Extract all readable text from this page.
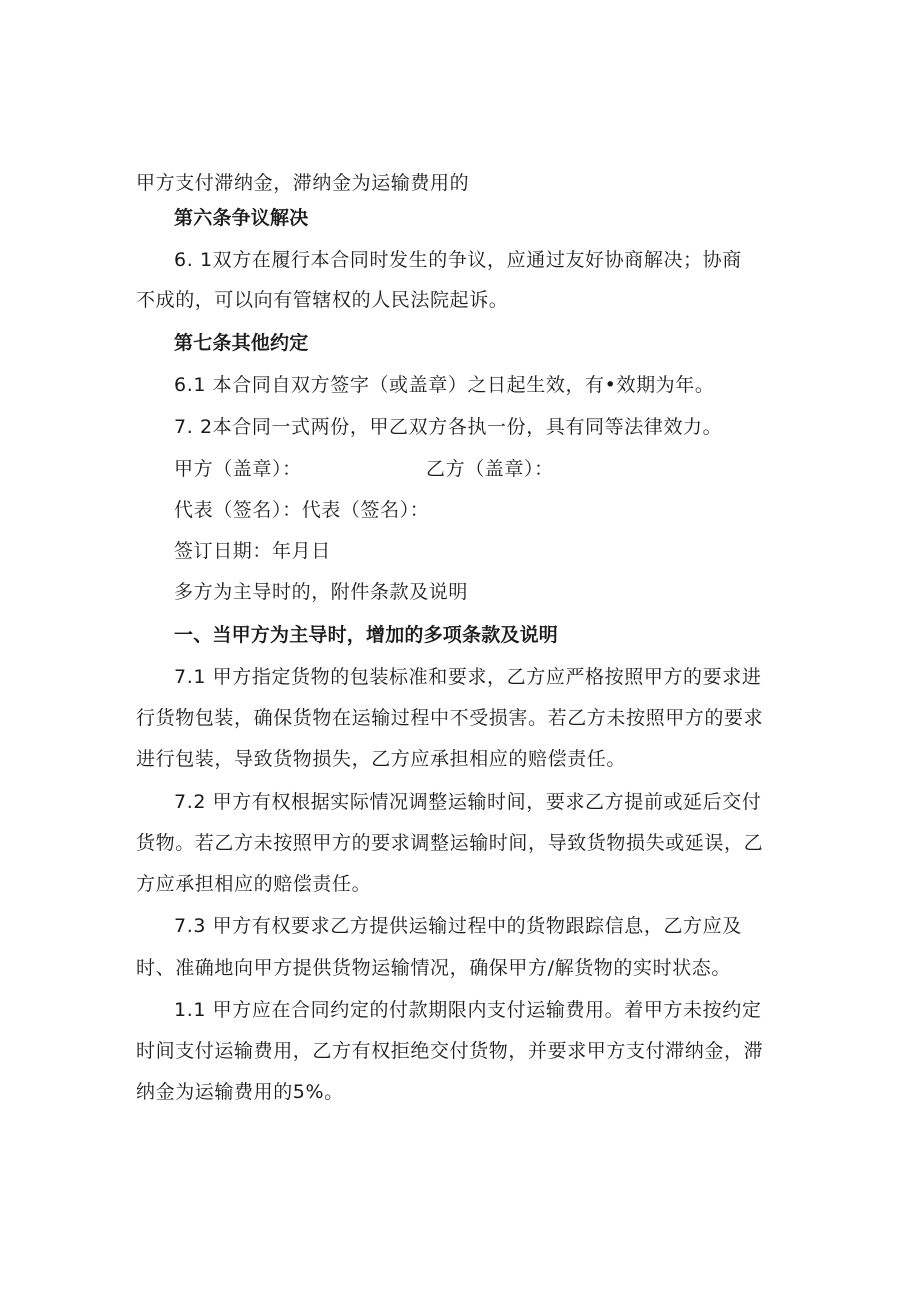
甲方支付滞纳金，滞纳金为运输费用的

第六条争议解决

6. 1双方在履行本合同时发生的争议，应通过友好协商解决；协商

不成的，可以向有管辖权的人民法院起诉。

第七条其他约定

6.1 本合同自双方签字（或盖章）之日起生效，有•效期为年。

7. 2本合同一式两份，甲乙双方各执一份，具有同等法律效力。

甲方（盖章）：	乙方（盖章）：

代表（签名）：代表（签名）：

签订日期：年月日

多方为主导时的，附件条款及说明

一、当甲方为主导时，增加的多项条款及说明

7.1 甲方指定货物的包装标准和要求，乙方应严格按照甲方的要求进

行货物包装，确保货物在运输过程中不受损害。若乙方未按照甲方的要求

进行包装，导致货物损失，乙方应承担相应的赔偿责任。

7.2 甲方有权根据实际情况调整运输时间，要求乙方提前或延后交付

货物。若乙方未按照甲方的要求调整运输时间，导致货物损失或延误，乙

方应承担相应的赔偿责任。

7.3 甲方有权要求乙方提供运输过程中的货物跟踪信息，乙方应及

时、准确地向甲方提供货物运输情况，确保甲方/解货物的实时状态。

1.1 甲方应在合同约定的付款期限内支付运输费用。着甲方未按约定

时间支付运输费用，乙方有权拒绝交付货物，并要求甲方支付滞纳金，滞

纳金为运输费用的5%。
